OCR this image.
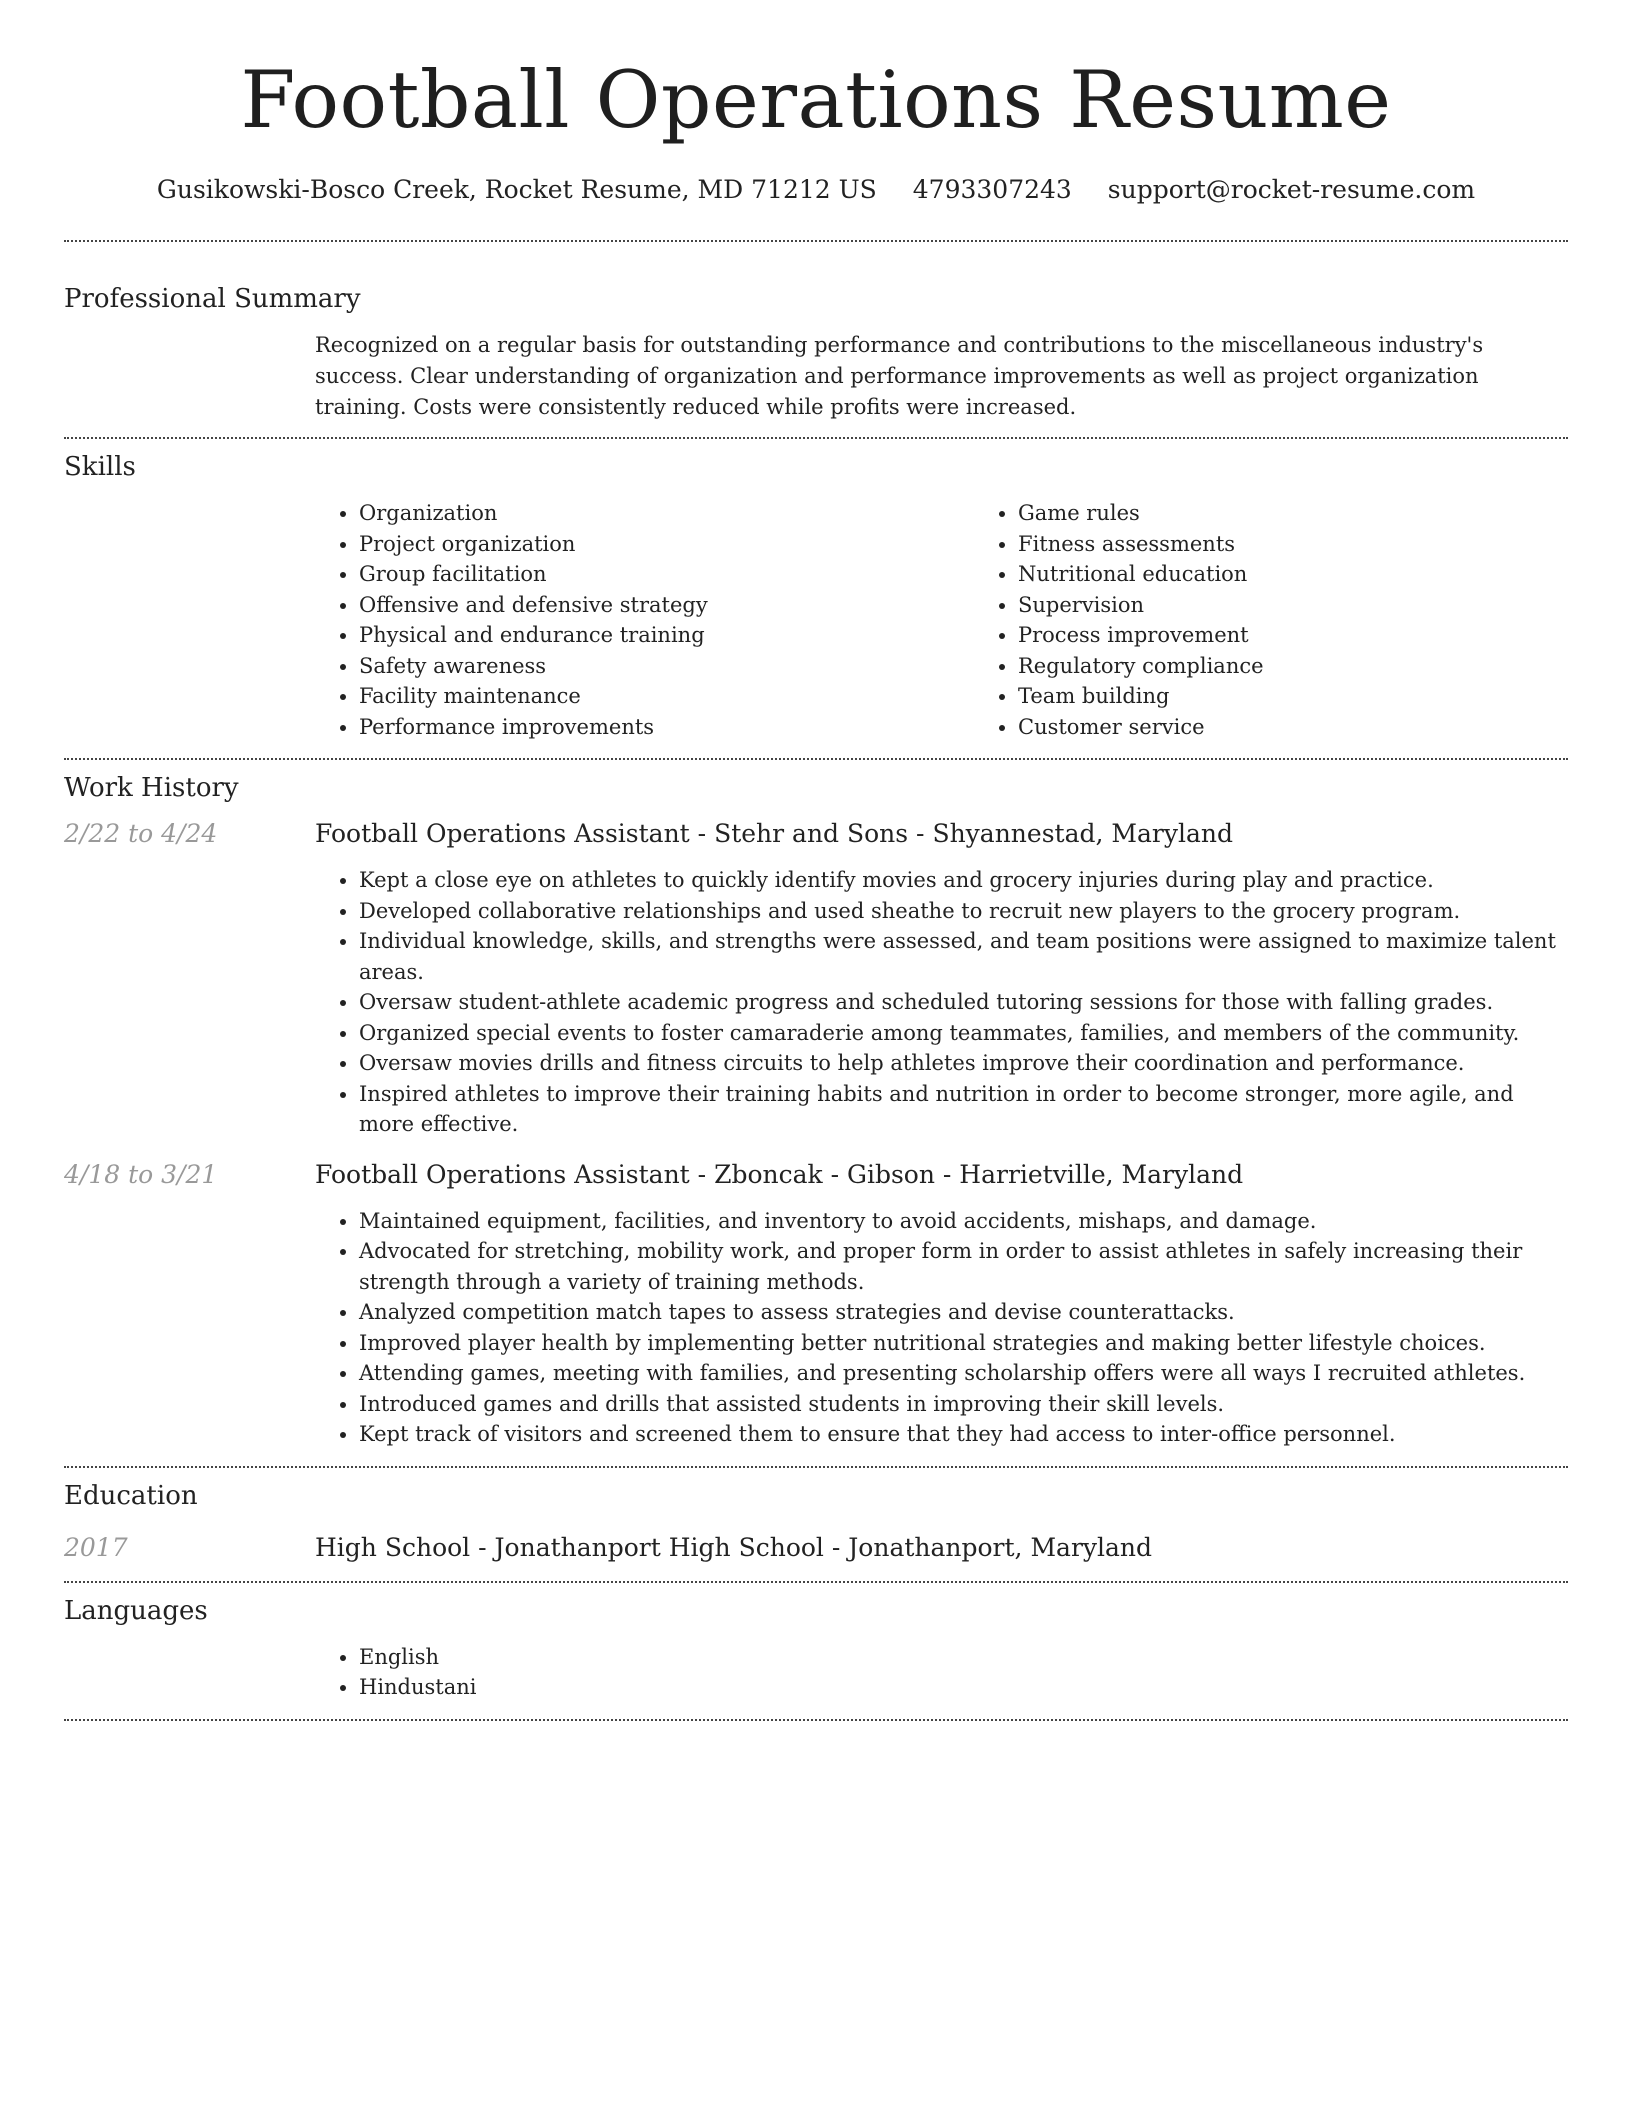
Football Operations Resume
Gusikowski-Bosco Creek, Rocket Resume, MD 71212 US 4793307243 support@rocket-resume.com
Professional Summary

Recognized on a regular basis for outstanding performance and contributions to the miscellaneous industry's success. Clear understanding of organization and performance improvements as well as project organization training. Costs were consistently reduced while profits were increased.

Skills
• Organization
• Project organization
• Group facilitation
• Offensive and defensive strategy
• Physical and endurance training
• Safety awareness
• Facility maintenance
• Performance improvements
• Game rules
• Fitness assessments
• Nutritional education
• Supervision
• Process improvement
• Regulatory compliance
• Team building
• Customer service
Work History
2/22 to 4/24	Football Operations Assistant - Stehr and Sons - Shyannestad, Maryland
• Kept a close eye on athletes to quickly identify movies and grocery injuries during play and practice.
• Developed collaborative relationships and used sheathe to recruit new players to the grocery program.
• Individual knowledge, skills, and strengths were assessed, and team positions were assigned to maximize talent areas.
• Oversaw student-athlete academic progress and scheduled tutoring sessions for those with falling grades.
• Organized special events to foster camaraderie among teammates, families, and members of the community.
• Oversaw movies drills and fitness circuits to help athletes improve their coordination and performance.
• Inspired athletes to improve their training habits and nutrition in order to become stronger, more agile, and more effective.
4/18 to 3/21	Football Operations Assistant - Zboncak - Gibson - Harrietville, Maryland
• Maintained equipment, facilities, and inventory to avoid accidents, mishaps, and damage.
• Advocated for stretching, mobility work, and proper form in order to assist athletes in safely increasing their strength through a variety of training methods.
• Analyzed competition match tapes to assess strategies and devise counterattacks.
• Improved player health by implementing better nutritional strategies and making better lifestyle choices.
• Attending games, meeting with families, and presenting scholarship offers were all ways I recruited athletes.
• Introduced games and drills that assisted students in improving their skill levels.
• Kept track of visitors and screened them to ensure that they had access to inter-office personnel.
Education
2017	High School - Jonathanport High School - Jonathanport, Maryland
Languages
• English
• Hindustani
